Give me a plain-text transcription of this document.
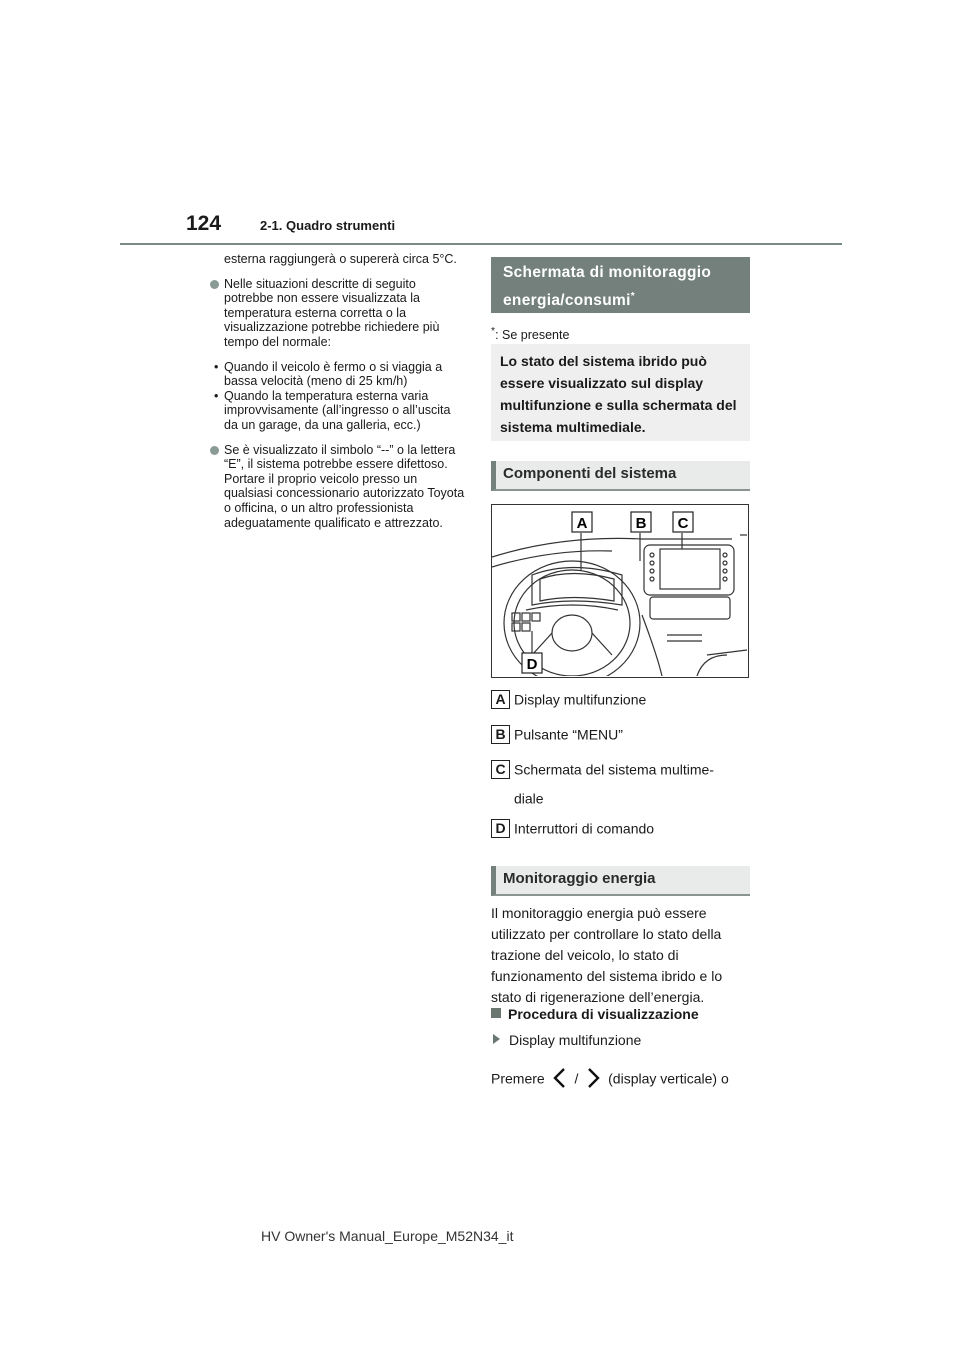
124	2-1. Quadro strumenti

esterna raggiungerà o supererà circa 5°C.

Nelle situazioni descritte di seguito potrebbe non essere visualizzata la temperatura esterna corretta o la visualizzazione potrebbe richiedere più tempo del normale:
• Quando il veicolo è fermo o si viaggia a bassa velocità (meno di 25 km/h)
• Quando la temperatura esterna varia improvvisamente (all’ingresso o all’uscita da un garage, da una galleria, ecc.)
Se è visualizzato il simbolo “--” o la lettera “E”, il sistema potrebbe essere difettoso. Portare il proprio veicolo presso un qualsiasi concessionario autorizzato Toyota o officina, o un altro professionista adeguatamente qualificato e attrezzato.
Schermata di monitoraggio energia/consumi*
*: Se presente
Lo stato del sistema ibrido può essere visualizzato sul display multifunzione e sulla schermata del sistema multimediale.
Componenti del sistema
A	B C
D
A Display multifunzione
B Pulsante “MENU”
C Schermata del sistema multime-
diale
D Interruttori di comando
Monitoraggio energia

Il monitoraggio energia può essere utilizzato per controllare lo stato della trazione del veicolo, lo stato di funzionamento del sistema ibrido e lo stato di rigenerazione dell’energia.

Procedura di visualizzazione
Display multifunzione
Premere / (display verticale) o
HV Owner's Manual_Europe_M52N34_it
